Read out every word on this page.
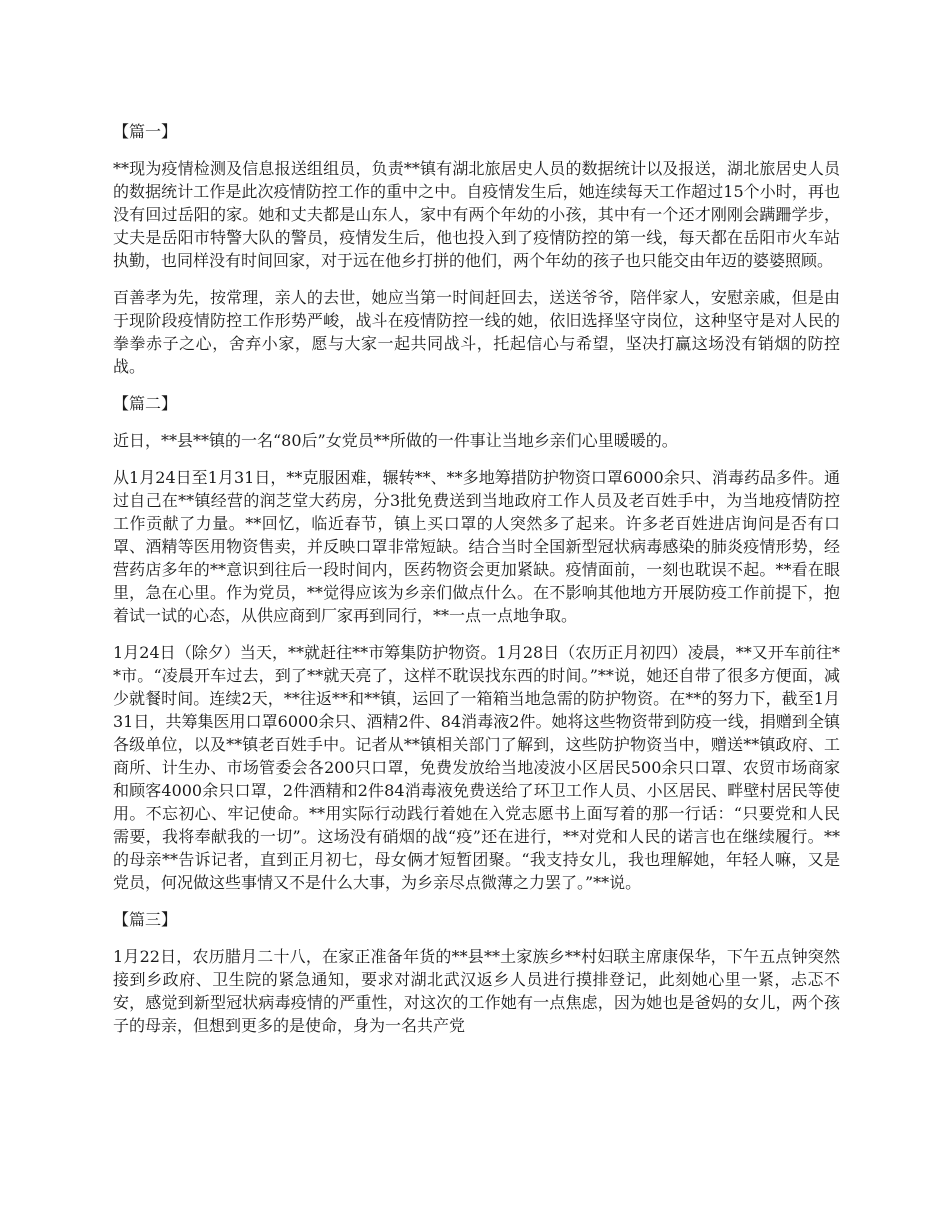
【篇一】

**现为疫情检测及信息报送组组员，负责**镇有湖北旅居史人员的数据统计以及报送，湖北旅居史人员的数据统计工作是此次疫情防控工作的重中之中。自疫情发生后，她连续每天工作超过15个小时，再也没有回过岳阳的家。她和丈夫都是山东人，家中有两个年幼的小孩，其中有一个还才刚刚会蹒跚学步，丈夫是岳阳市特警大队的警员，疫情发生后，他也投入到了疫情防控的第一线，每天都在岳阳市火车站执勤，也同样没有时间回家，对于远在他乡打拼的他们，两个年幼的孩子也只能交由年迈的婆婆照顾。

百善孝为先，按常理，亲人的去世，她应当第一时间赶回去，送送爷爷，陪伴家人，安慰亲戚，但是由于现阶段疫情防控工作形势严峻，战斗在疫情防控一线的她，依旧选择坚守岗位，这种坚守是对人民的拳拳赤子之心，舍弃小家，愿与大家一起共同战斗，托起信心与希望，坚决打赢这场没有销烟的防控战。

【篇二】

近日，**县**镇的一名“80后”女党员**所做的一件事让当地乡亲们心里暖暖的。

从1月24日至1月31日，**克服困难，辗转**、**多地筹措防护物资口罩6000余只、消毒药品多件。通过自己在**镇经营的润芝堂大药房，分3批免费送到当地政府工作人员及老百姓手中，为当地疫情防控工作贡献了力量。**回忆，临近春节，镇上买口罩的人突然多了起来。许多老百姓进店询问是否有口罩、酒精等医用物资售卖，并反映口罩非常短缺。结合当时全国新型冠状病毒感染的肺炎疫情形势，经营药店多年的**意识到往后一段时间内，医药物资会更加紧缺。疫情面前，一刻也耽误不起。**看在眼里，急在心里。作为党员，**觉得应该为乡亲们做点什么。在不影响其他地方开展防疫工作前提下，抱着试一试的心态，从供应商到厂家再到同行，**一点一点地争取。

1月24日（除夕）当天，**就赶往**市筹集防护物资。1月28日（农历正月初四）凌晨，**又开车前往**市。“凌晨开车过去，到了**就天亮了，这样不耽误找东西的时间。”**说，她还自带了很多方便面，减少就餐时间。连续2天，**往返**和**镇，运回了一箱箱当地急需的防护物资。在**的努力下，截至1月31日，共筹集医用口罩6000余只、酒精2件、84消毒液2件。她将这些物资带到防疫一线，捐赠到全镇各级单位，以及**镇老百姓手中。记者从**镇相关部门了解到，这些防护物资当中，赠送**镇政府、工商所、计生办、市场管委会各200只口罩，免费发放给当地凌波小区居民500余只口罩、农贸市场商家和顾客4000余只口罩，2件酒精和2件84消毒液免费送给了环卫工作人员、小区居民、畔壁村居民等使用。不忘初心、牢记使命。**用实际行动践行着她在入党志愿书上面写着的那一行话：“只要党和人民需要，我将奉献我的一切”。这场没有硝烟的战“疫”还在进行，**对党和人民的诺言也在继续履行。**的母亲**告诉记者，直到正月初七，母女俩才短暂团聚。“我支持女儿，我也理解她，年轻人嘛，又是党员，何况做这些事情又不是什么大事，为乡亲尽点微薄之力罢了。”**说。

【篇三】

1月22日，农历腊月二十八，在家正准备年货的**县**土家族乡**村妇联主席康保华，下午五点钟突然接到乡政府、卫生院的紧急通知，要求对湖北武汉返乡人员进行摸排登记，此刻她心里一紧，忐忑不安，感觉到新型冠状病毒疫情的严重性，对这次的工作她有一点焦虑，因为她也是爸妈的女儿，两个孩子的母亲，但想到更多的是使命，身为一名共产党
